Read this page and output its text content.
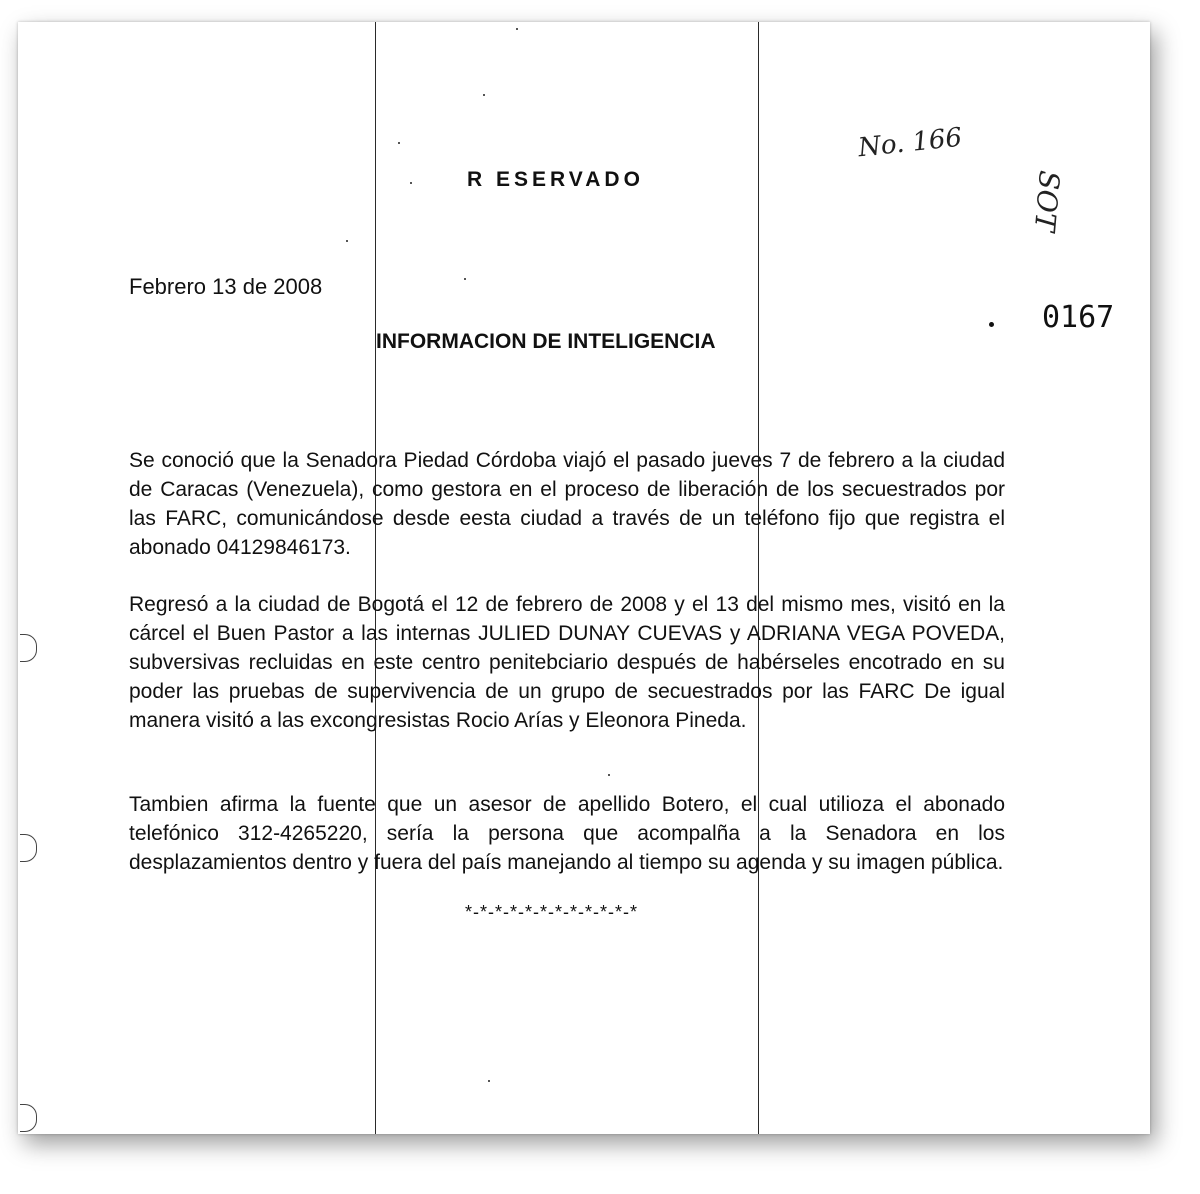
R ESERVADO
No. 166
SOT
0167
Febrero 13 de 2008
INFORMACION DE INTELIGENCIA
Se conoció que la Senadora Piedad Córdoba viajó el pasado jueves 7 de febrero a la ciudad de Caracas (Venezuela), como gestora en el proceso de liberación de los secuestrados por las FARC, comunicándose desde eesta ciudad a través de un teléfono fijo que registra el abonado 04129846173.
Regresó a la ciudad de Bogotá el 12 de febrero de 2008 y el 13 del mismo mes, visitó en la cárcel el Buen Pastor a las internas JULIED DUNAY CUEVAS y ADRIANA VEGA POVEDA, subversivas recluidas en este centro penitebciario después de habérseles encotrado en su poder las pruebas de supervivencia de un grupo de secuestrados por las FARC De igual manera visitó a las excongresistas Rocio Arías y Eleonora Pineda.
Tambien afirma la fuente que un asesor de apellido Botero, el cual utilioza el abonado telefónico 312-4265220, sería la persona que acompalña a la Senadora en los desplazamientos dentro y fuera del país manejando al tiempo su agenda y su imagen pública.
*-*-*-*-*-*-*-*-*-*-*-*
